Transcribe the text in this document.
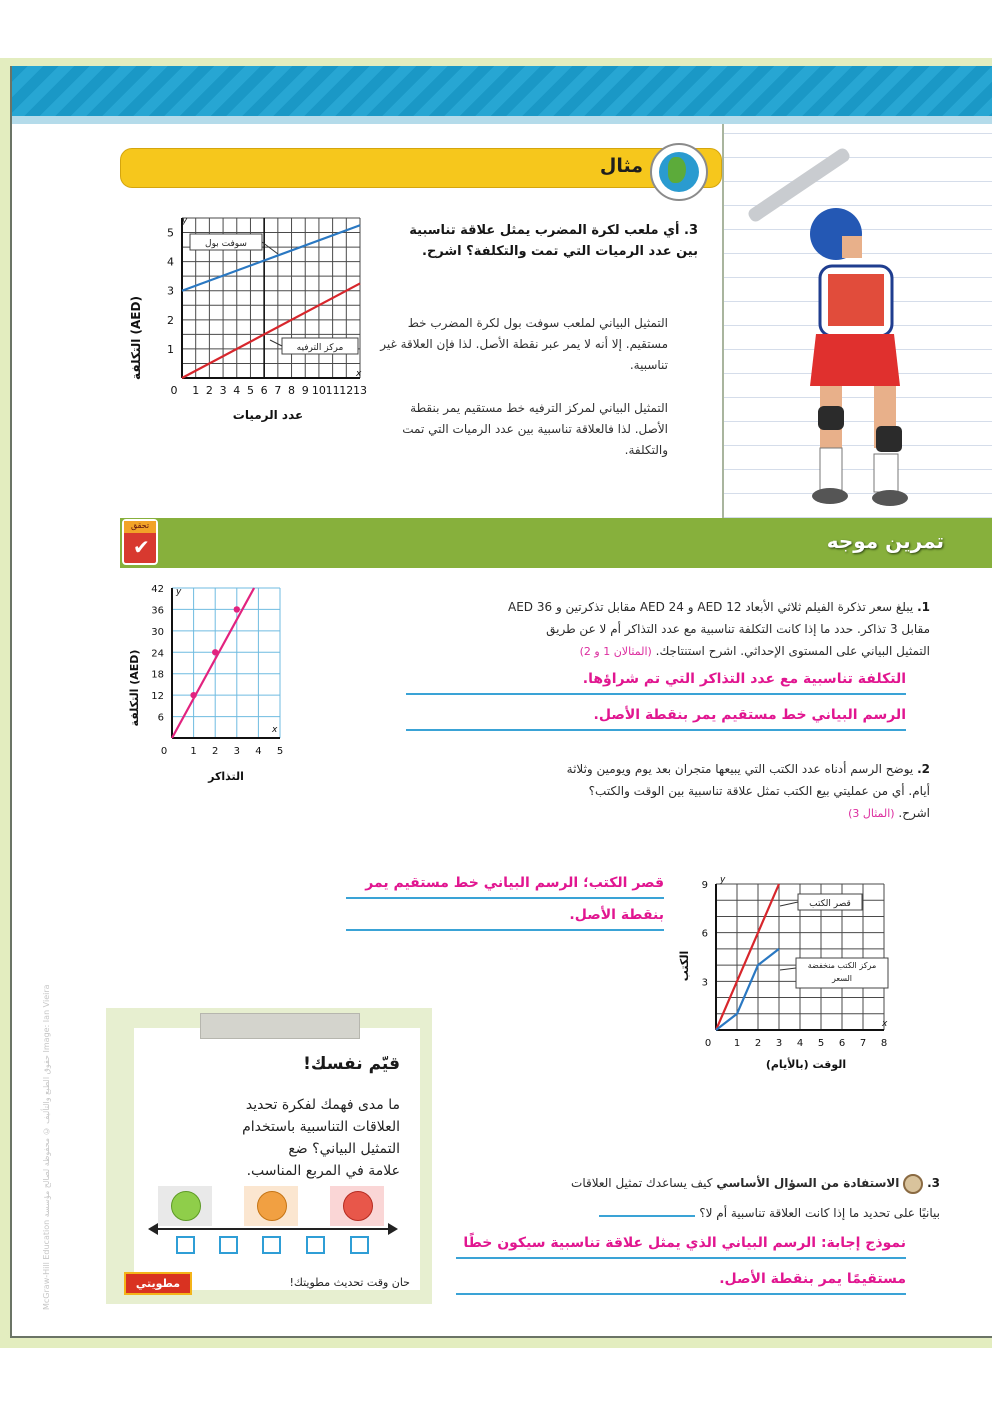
مثال
3. أي ملعب لكرة المضرب يمثل علاقة تناسبية بين عدد الرميات التي تمت والتكلفة؟ اشرح.
التمثيل البياني لملعب سوفت بول لكرة المضرب خط مستقيم. إلا أنه لا يمر عبر نقطة الأصل. لذا فإن العلاقة غير تناسبية.
التمثيل البياني لمركز الترفيه خط مستقيم يمر بنقطة الأصل. لذا فالعلاقة تناسبية بين عدد الرميات التي تمت والتكلفة.
0 1 2 3 4 5 6 7 8 9 10 11 12 13
1
2
3
4
5
التكلفة (AED)
عدد الرميات
y
x
سوفت بول
مركز الترفيه
تمرين موجه
تحقق
✔
1. يبلغ سعر تذكرة الفيلم ثلاثي الأبعاد AED 12 و AED 24 مقابل تذكرتين و AED 36
مقابل 3 تذاكر. حدد ما إذا كانت التكلفة تناسبية مع عدد التذاكر أم لا عن طريق
التمثيل البياني على المستوى الإحداثي. اشرح استنتاجك. (المثالان 1 و 2)
التكلفة تناسبية مع عدد التذاكر التي تم شراؤها.
الرسم البياني خط مستقيم يمر بنقطة الأصل.
0 1 2 3 4 5
6
12
18
24
30
36
42
التكلفة (AED)
التذاكر
y
x
2. يوضح الرسم أدناه عدد الكتب التي يبيعها متجران بعد يوم ويومين وثلاثة
أيام. أي من عمليتي بيع الكتب تمثل علاقة تناسبية بين الوقت والكتب؟
اشرح. (المثال 3)
قصر الكتب؛ الرسم البياني خط مستقيم يمر
بنقطة الأصل.
0 1 2 3 4 5 6 7 8
3
6
9
الكتب
الوقت (بالأيام)
y
x
قصر الكتب
مركز الكتب منخفضة السعر
قيّم نفسك!
ما مدى فهمك لفكرة تحديد
العلاقات التناسبية باستخدام
التمثيل البياني؟ ضع
علامة في المربع المناسب.
مطويتي	حان وقت تحديث مطويتك!
3.  الاستفادة من السؤال الأساسي كيف يساعدك تمثيل العلاقات
بيانيًا على تحديد ما إذا كانت العلاقة تناسبية أم لا؟
نموذج إجابة: الرسم البياني الذي يمثل علاقة تناسبية سيكون خطًا
مستقيمًا يمر بنقطة الأصل.
McGraw-Hill Education حقوق الطبع والتأليف © محفوظة لصالح مؤسسة Image: Ian Vieira
